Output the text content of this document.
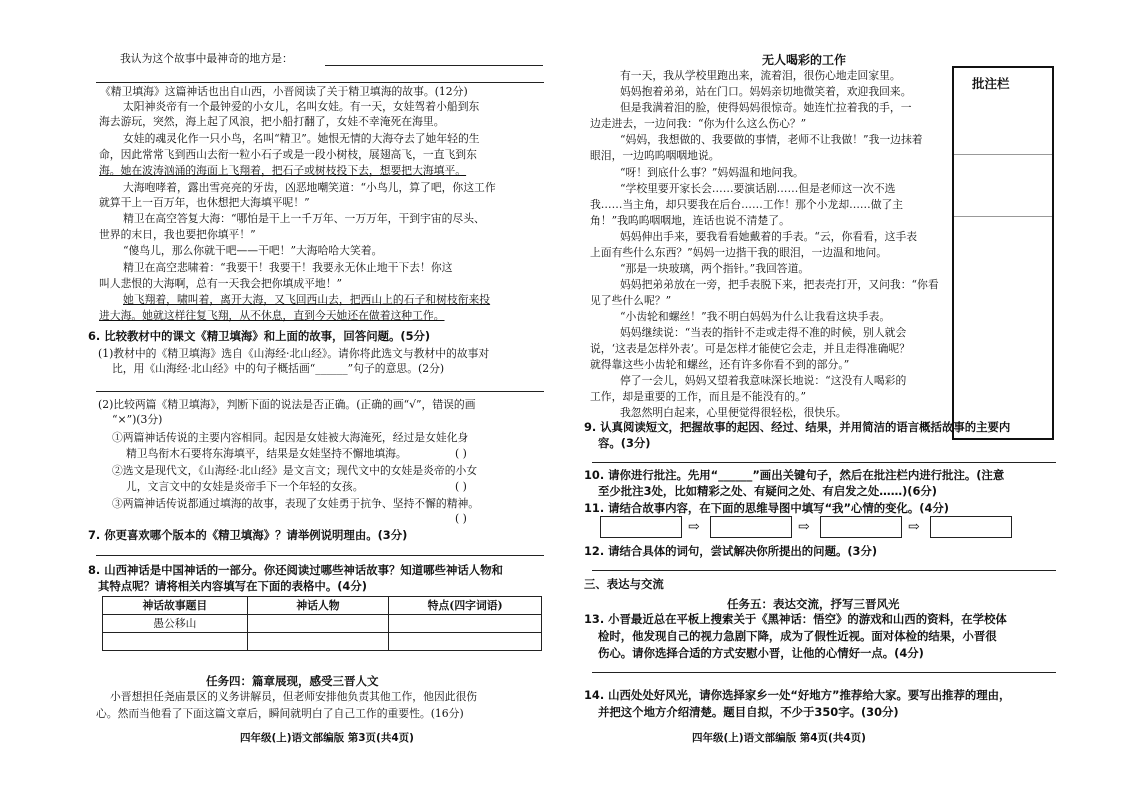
我认为这个故事中最神奇的地方是：
《精卫填海》这篇神话也出自山西，小晋阅读了关于精卫填海的故事。(12分)
太阳神炎帝有一个最钟爱的小女儿，名叫女娃。有一天，女娃驾着小船到东
海去游玩，突然，海上起了风浪，把小船打翻了，女娃不幸淹死在海里。
女娃的魂灵化作一只小鸟，名叫“精卫”。她恨无情的大海夺去了她年轻的生
命，因此常常飞到西山去衔一粒小石子或是一段小树枝，展翅高飞，一直飞到东
海。她在波涛汹涌的海面上飞翔着，把石子或树枝投下去，想要把大海填平。
大海咆哮着，露出雪亮亮的牙齿，凶恶地嘲笑道：“小鸟儿，算了吧，你这工作
就算干上一百万年，也休想把大海填平呢！”
精卫在高空答复大海：“哪怕是干上一千万年、一万万年，干到宇宙的尽头、
世界的末日，我也要把你填平！”
“傻鸟儿，那么你就干吧——干吧！”大海哈哈大笑着。
精卫在高空悲啸着：“我要干！我要干！我要永无休止地干下去！你这
叫人悲恨的大海啊，总有一天我会把你填成平地！”
她飞翔着，啸叫着，离开大海，又飞回西山去，把西山上的石子和树枝衔来投
进大海。她就这样往复飞翔，从不休息，直到今天她还在做着这种工作。
6. 比较教材中的课文《精卫填海》和上面的故事，回答问题。(5分)
(1)教材中的《精卫填海》选自《山海经·北山经》。请你将此选文与教材中的故事对
比，用《山海经·北山经》中的句子概括画“______”句子的意思。(2分)
(2)比较两篇《精卫填海》，判断下面的说法是否正确。(正确的画“√”，错误的画
“×”)(3分)
①两篇神话传说的主要内容相同。起因是女娃被大海淹死，经过是女娃化身
精卫鸟衔木石要将东海填平，结果是女娃坚持不懈地填海。	( )
②选文是现代文，《山海经·北山经》是文言文；现代文中的女娃是炎帝的小女
儿，文言文中的女娃是炎帝手下一个年轻的女孩。	( )
③两篇神话传说都通过填海的故事，表现了女娃勇于抗争、坚持不懈的精神。
( )
7. 你更喜欢哪个版本的《精卫填海》？请举例说明理由。(3分)
8. 山西神话是中国神话的一部分。你还阅读过哪些神话故事？知道哪些神话人物和
其特点呢？请将相关内容填写在下面的表格中。(4分)
神话故事题目	神话人物	特点(四字词语)
愚公移山		

任务四：篇章展现，感受三晋人文
小晋想担任尧庙景区的义务讲解员，但老师安排他负责其他工作，他因此很伤
心。然而当他看了下面这篇文章后，瞬间就明白了自己工作的重要性。(16分)
四年级(上)语文部编版 第3页(共4页)
无人喝彩的工作
批注栏
有一天，我从学校里跑出来，流着泪，很伤心地走回家里。
妈妈抱着弟弟，站在门口。妈妈亲切地微笑着，欢迎我回来。
但是我满着泪的脸，使得妈妈很惊奇。她连忙拉着我的手，一
边走进去，一边问我：“你为什么这么伤心？”
“妈妈，我想做的、我要做的事情，老师不让我做！”我一边抹着
眼泪，一边呜呜咽咽地说。
“呀！到底什么事？”妈妈温和地问我。
“学校里要开家长会……要演话剧……但是老师这一次不选
我……当主角，却只要我在后台……工作！那个小龙却……做了主
角！”我呜呜咽咽地，连话也说不清楚了。
妈妈伸出手来，要我看看她戴着的手表。“云，你看看，这手表
上面有些什么东西？”妈妈一边揩干我的眼泪，一边温和地问。
“那是一块玻璃，两个指针。”我回答道。
妈妈把弟弟放在一旁，把手表脱下来，把表壳打开，又问我：“你看
见了些什么呢？”
“小齿轮和螺丝！”我不明白妈妈为什么让我看这块手表。
妈妈继续说：“当表的指针不走或走得不准的时候，别人就会
说，‘这表是怎样外表’。可是怎样才能使它会走，并且走得准确呢？
就得靠这些小齿轮和螺丝，还有许多你看不到的部分。”
停了一会儿，妈妈又望着我意味深长地说：“这没有人喝彩的
工作，却是重要的工作，而且是不能没有的。”
我忽然明白起来，心里便觉得很轻松，很快乐。
9. 认真阅读短文，把握故事的起因、经过、结果，并用简洁的语言概括故事的主要内
容。(3分)
10. 请你进行批注。先用“______”画出关键句子，然后在批注栏内进行批注。(注意
至少批注3处，比如精彩之处、有疑问之处、有启发之处……)(6分)
11. 请结合故事内容，在下面的思维导图中填写“我”心情的变化。(4分)
⇨	⇨	⇨
12. 请结合具体的词句，尝试解决你所提出的问题。(3分)
三、表达与交流
任务五：表达交流，抒写三晋风光
13. 小晋最近总在平板上搜索关于《黑神话：悟空》的游戏和山西的资料，在学校体
检时，他发现自己的视力急剧下降，成为了假性近视。面对体检的结果，小晋很
伤心。请你选择合适的方式安慰小晋，让他的心情好一点。(4分)
14. 山西处处好风光，请你选择家乡一处“好地方”推荐给大家。要写出推荐的理由，
并把这个地方介绍清楚。题目自拟，不少于350字。(30分)
四年级(上)语文部编版 第4页(共4页)
